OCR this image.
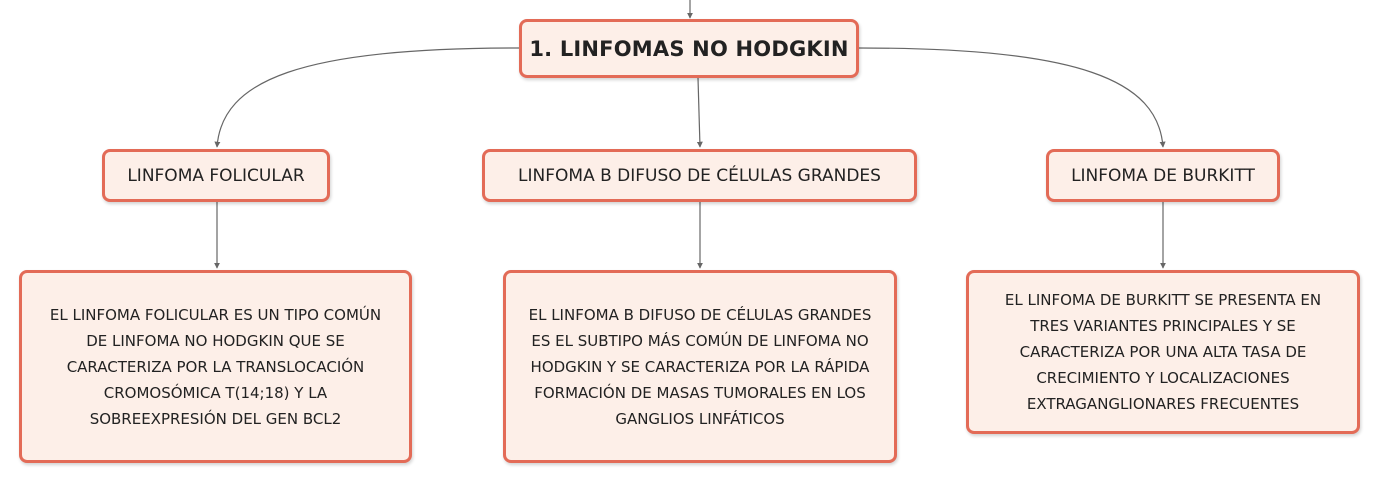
1. LINFOMAS NO HODGKIN
LINFOMA FOLICULAR	LINFOMA B DIFUSO DE CÉLULAS GRANDES	LINFOMA DE BURKITT
EL LINFOMA FOLICULAR ES UN TIPO COMÚN
DE LINFOMA NO HODGKIN QUE SE
CARACTERIZA POR LA TRANSLOCACIÓN
CROMOSÓMICA T(14;18) Y LA
SOBREEXPRESIÓN DEL GEN BCL2
EL LINFOMA B DIFUSO DE CÉLULAS GRANDES
ES EL SUBTIPO MÁS COMÚN DE LINFOMA NO
HODGKIN Y SE CARACTERIZA POR LA RÁPIDA
FORMACIÓN DE MASAS TUMORALES EN LOS
GANGLIOS LINFÁTICOS
EL LINFOMA DE BURKITT SE PRESENTA EN
TRES VARIANTES PRINCIPALES Y SE
CARACTERIZA POR UNA ALTA TASA DE
CRECIMIENTO Y LOCALIZACIONES
EXTRAGANGLIONARES FRECUENTES
